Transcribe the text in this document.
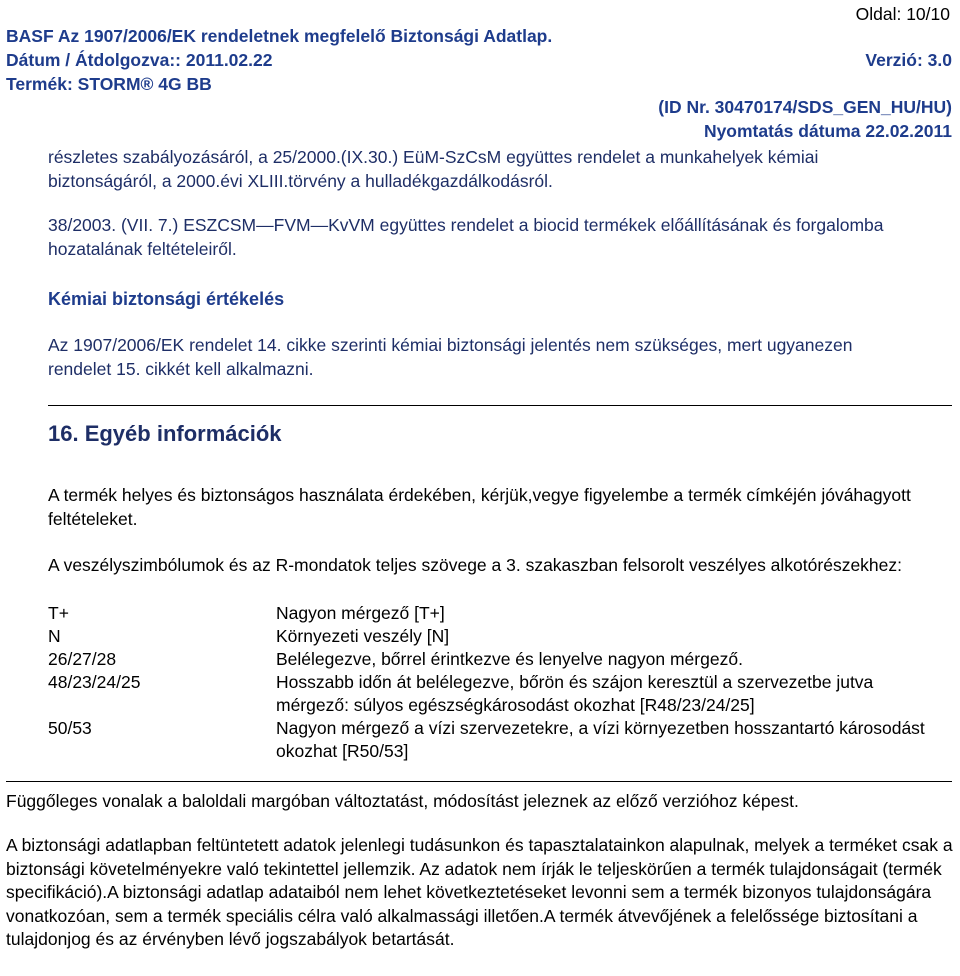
Oldal: 10/10
BASF Az 1907/2006/EK rendeletnek megfelelő Biztonsági Adatlap.
Dátum / Átdolgozva:: 2011.02.22	Verzió: 3.0
Termék: STORM® 4G BB
(ID Nr. 30470174/SDS_GEN_HU/HU)
Nyomtatás dátuma 22.02.2011
részletes szabályozásáról, a 25/2000.(IX.30.) EüM-SzCsM együttes rendelet a munkahelyek kémiai biztonságáról, a 2000.évi XLIII.törvény a hulladékgazdálkodásról.
38/2003. (VII. 7.) ESZCSM—FVM—KvVM együttes rendelet a biocid termékek előállításának és forgalomba hozatalának feltételeiről.
Kémiai biztonsági értékelés
Az 1907/2006/EK rendelet 14. cikke szerinti kémiai biztonsági jelentés nem szükséges, mert ugyanezen rendelet 15. cikkét kell alkalmazni.
16. Egyéb információk
A termék helyes és biztonságos használata érdekében, kérjük,vegye figyelembe a termék címkéjén jóváhagyott feltételeket.
A veszélyszimbólumok és az R-mondatok teljes szövege a 3. szakaszban felsorolt veszélyes alkotórészekhez:
T+	Nagyon mérgező [T+]
N	Környezeti veszély [N]
26/27/28	Belélegezve, bőrrel érintkezve és lenyelve nagyon mérgező.
48/23/24/25	Hosszabb időn át belélegezve, bőrön és szájon keresztül a szervezetbe jutva mérgező: súlyos egészségkárosodást okozhat [R48/23/24/25]
50/53	Nagyon mérgező a vízi szervezetekre, a vízi környezetben hosszantartó károsodást okozhat [R50/53]
Függőleges vonalak a baloldali margóban változtatást, módosítást jeleznek az előző verzióhoz képest.
A biztonsági adatlapban feltüntetett adatok jelenlegi tudásunkon és tapasztalatainkon alapulnak, melyek a terméket csak a biztonsági követelményekre való tekintettel jellemzik. Az adatok nem írják le teljeskörűen a termék tulajdonságait (termék specifikáció).A biztonsági adatlap adataiból nem lehet következtetéseket levonni sem a termék bizonyos tulajdonságára vonatkozóan, sem a termék speciális célra való alkalmassági illetően.A termék átvevőjének a felelőssége biztosítani a tulajdonjog és az érvényben lévő jogszabályok betartását.
